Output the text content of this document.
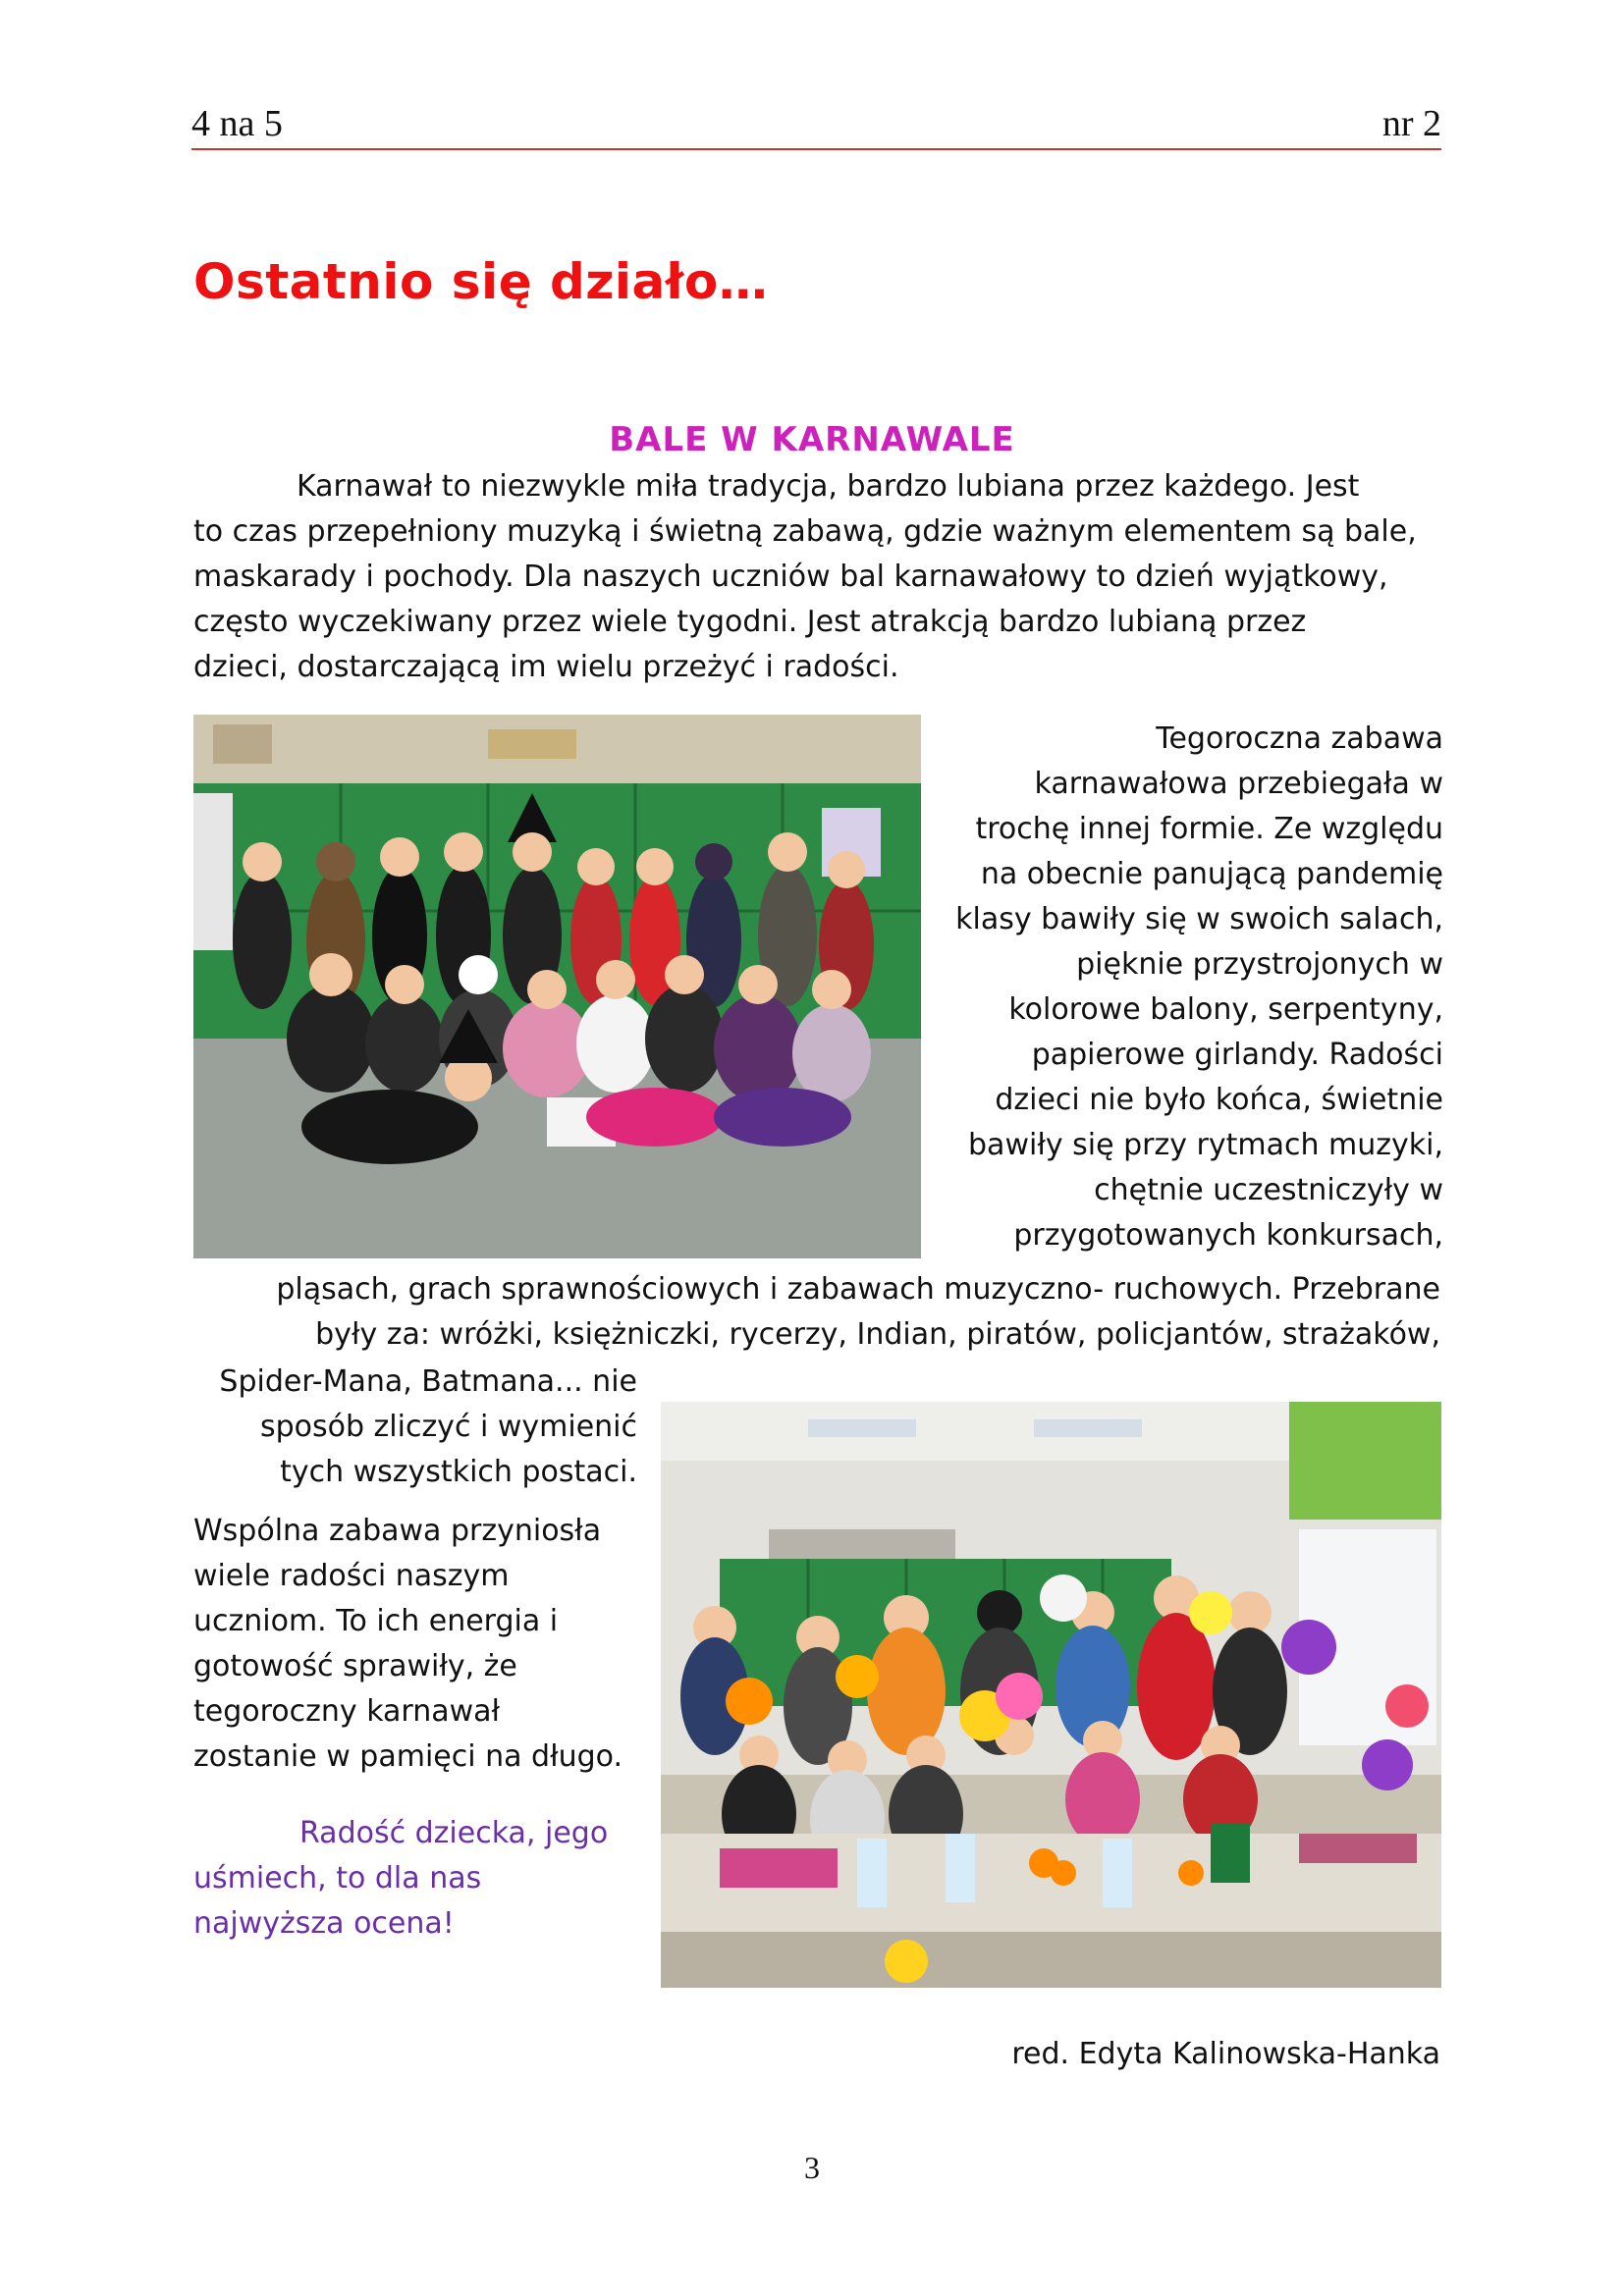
4 na 5	nr 2
Ostatnio się działo…
BALE W KARNAWALE
Karnawał to niezwykle miła tradycja, bardzo lubiana przez każdego. Jest
to czas przepełniony muzyką i świetną zabawą, gdzie ważnym elementem są bale,
maskarady i pochody. Dla naszych uczniów bal karnawałowy to dzień wyjątkowy,
często wyczekiwany przez wiele tygodni. Jest atrakcją bardzo lubianą przez
dzieci, dostarczającą im wielu przeżyć i radości.
Tegoroczna zabawa
karnawałowa przebiegała w
trochę innej formie. Ze względu
na obecnie panującą pandemię
klasy bawiły się w swoich salach,
pięknie przystrojonych w
kolorowe balony, serpentyny,
papierowe girlandy. Radości
dzieci nie było końca, świetnie
bawiły się przy rytmach muzyki,
chętnie uczestniczyły w
przygotowanych konkursach,
pląsach, grach sprawnościowych i zabawach muzyczno- ruchowych. Przebrane
były za: wróżki, księżniczki, rycerzy, Indian, piratów, policjantów, strażaków,
Spider-Mana, Batmana... nie
sposób zliczyć i wymienić
tych wszystkich postaci.

Wspólna zabawa przyniosła

wiele radości naszym

uczniom. To ich energia i

gotowość sprawiły, że

tegoroczny karnawał

zostanie w pamięci na długo.

Radość dziecka, jego

uśmiech, to dla nas

najwyższa ocena!

red. Edyta Kalinowska-Hanka
3
